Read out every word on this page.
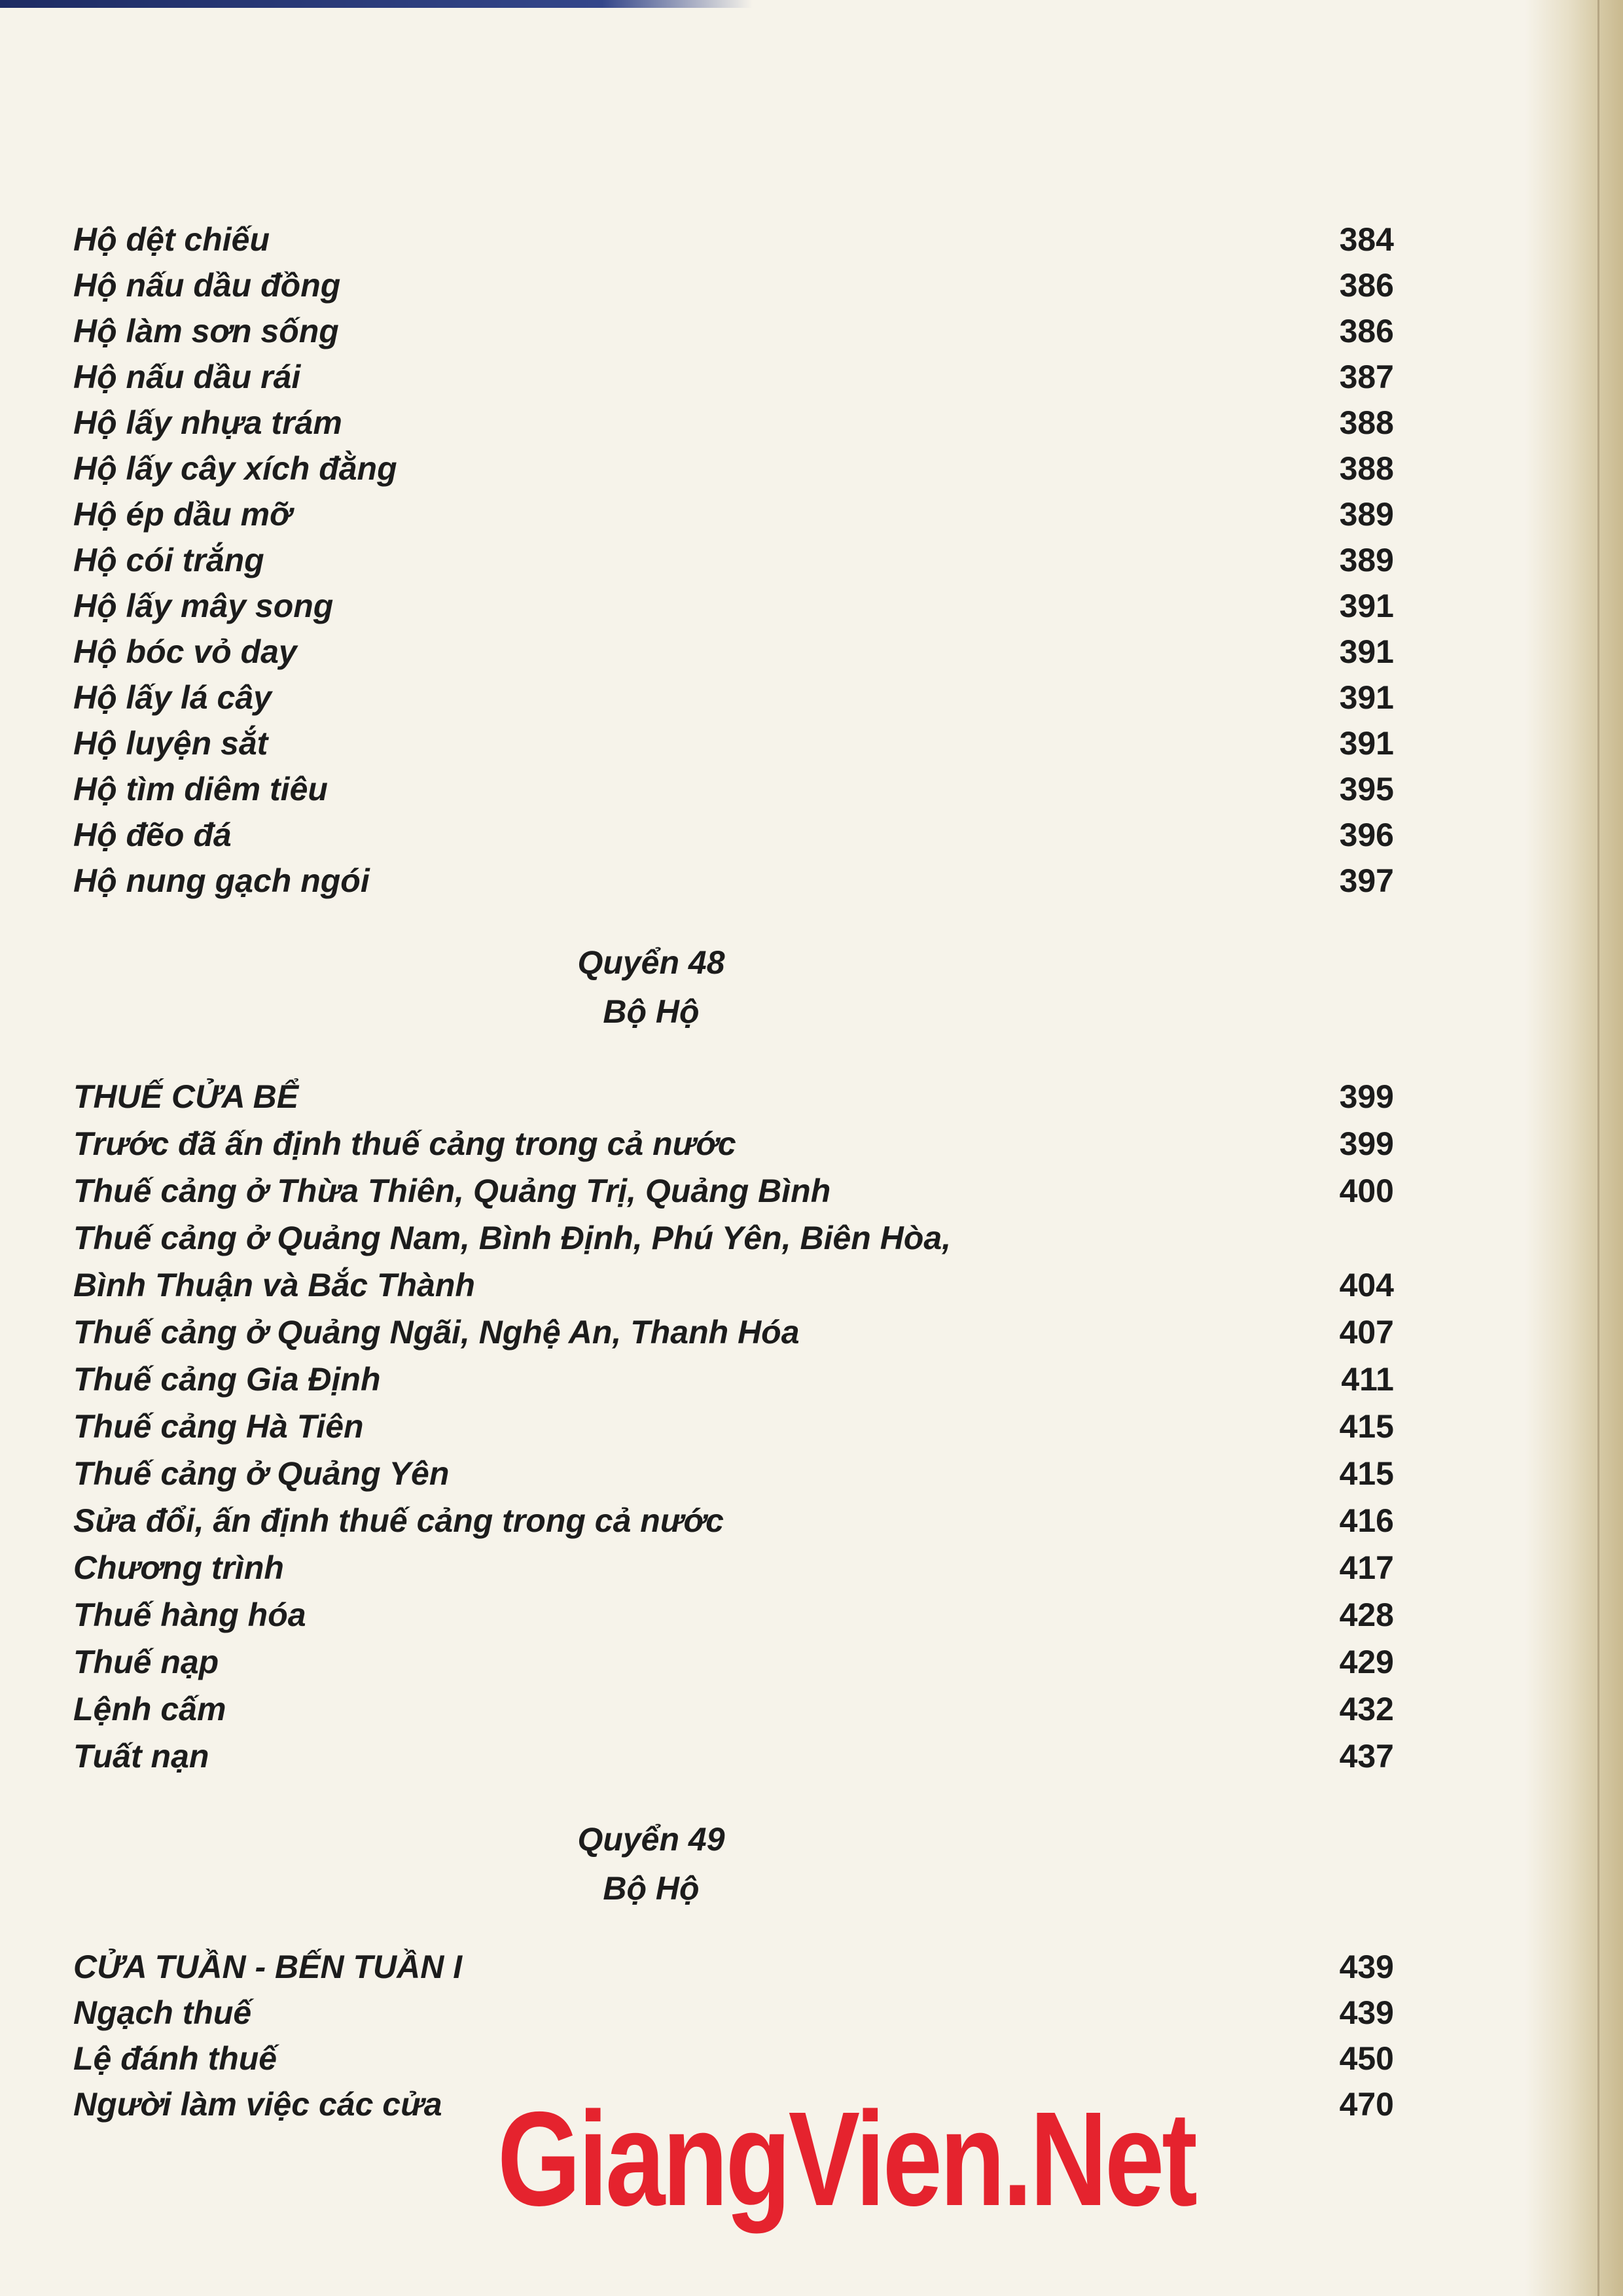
Hộ dệt chiếu	384
Hộ nấu dầu đồng	386
Hộ làm sơn sống	386
Hộ nấu dầu rái	387
Hộ lấy nhựa trám	388
Hộ lấy cây xích đằng	388
Hộ ép dầu mỡ	389
Hộ cói trắng	389
Hộ lấy mây song	391
Hộ bóc vỏ day	391
Hộ lấy lá cây	391
Hộ luyện sắt	391
Hộ tìm diêm tiêu	395
Hộ đẽo đá	396
Hộ nung gạch ngói	397
Quyển 48
Bộ Hộ
THUẾ CỬA BỂ	399
Trước đã ấn định thuế cảng trong cả nước	399
Thuế cảng ở Thừa Thiên, Quảng Trị, Quảng Bình	400
Thuế cảng ở Quảng Nam, Bình Định, Phú Yên, Biên Hòa,
Bình Thuận và Bắc Thành	404
Thuế cảng ở Quảng Ngãi, Nghệ An, Thanh Hóa	407
Thuế cảng Gia Định	411
Thuế cảng Hà Tiên	415
Thuế cảng ở Quảng Yên	415
Sửa đổi, ấn định thuế cảng trong cả nước	416
Chương trình	417
Thuế hàng hóa	428
Thuế nạp	429
Lệnh cấm	432
Tuất nạn	437
Quyển 49
Bộ Hộ
CỬA TUẦN - BẾN TUẦN I	439
Ngạch thuế	439
Lệ đánh thuế	450
Người làm việc các cửa	470
GiangVien.Net
